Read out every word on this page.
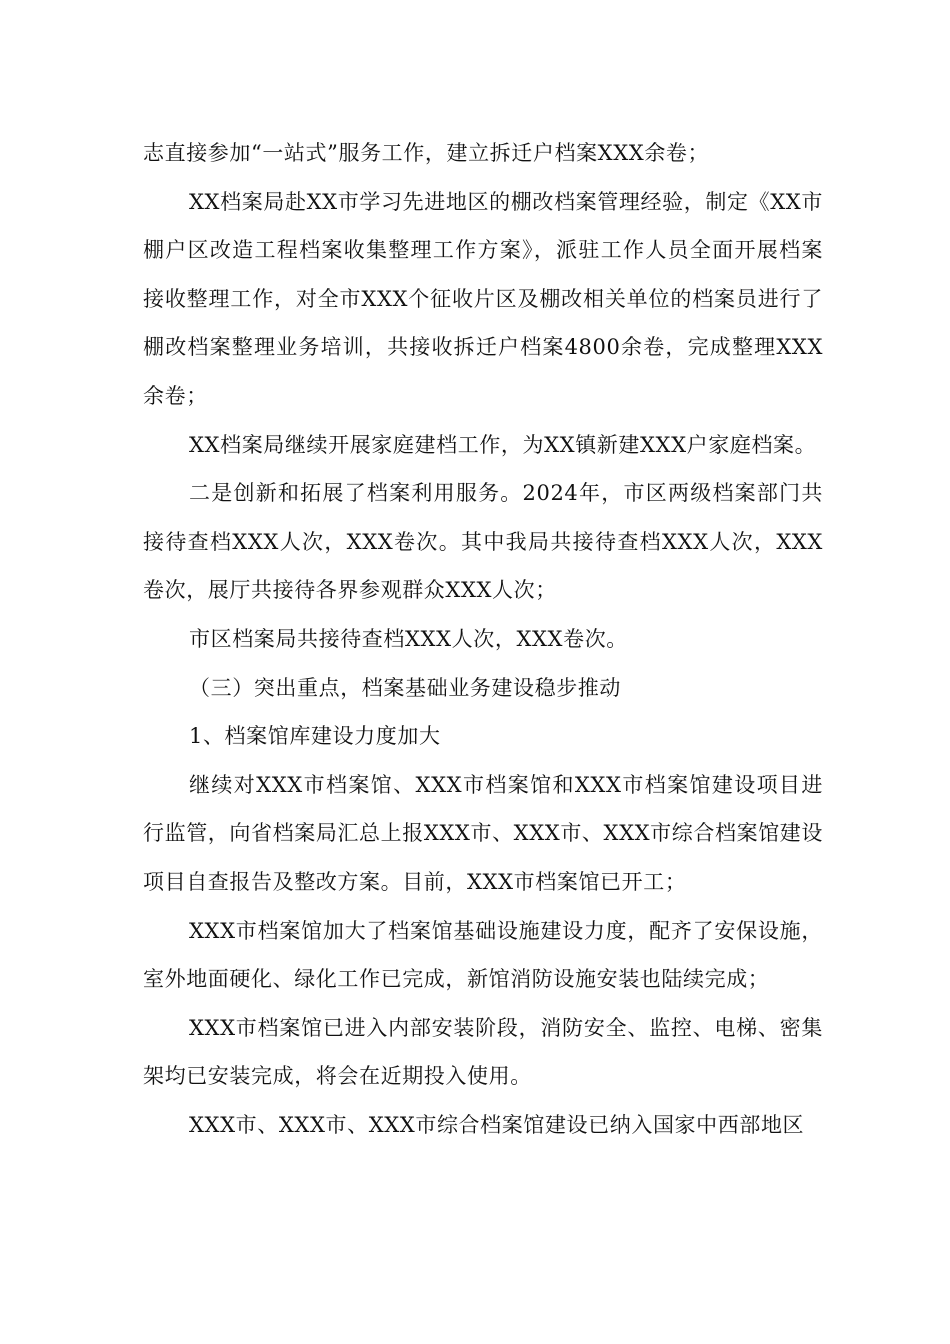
志直接参加“一站式”服务工作，建立拆迁户档案XXX余卷；

XX档案局赴XX市学习先进地区的棚改档案管理经验，制定《XX市棚户区改造工程档案收集整理工作方案》，派驻工作人员全面开展档案接收整理工作，对全市XXX个征收片区及棚改相关单位的档案员进行了棚改档案整理业务培训，共接收拆迁户档案4800余卷，完成整理XXX余卷；

XX档案局继续开展家庭建档工作，为XX镇新建XXX户家庭档案。

二是创新和拓展了档案利用服务。2024年，市区两级档案部门共接待查档XXX人次，XXX卷次。其中我局共接待查档XXX人次，XXX卷次，展厅共接待各界参观群众XXX人次；

市区档案局共接待查档XXX人次，XXX卷次。

（三）突出重点，档案基础业务建设稳步推动

1、档案馆库建设力度加大

继续对XXX市档案馆、XXX市档案馆和XXX市档案馆建设项目进行监管，向省档案局汇总上报XXX市、XXX市、XXX市综合档案馆建设项目自查报告及整改方案。目前，XXX市档案馆已开工；

XXX市档案馆加大了档案馆基础设施建设力度，配齐了安保设施，室外地面硬化、绿化工作已完成，新馆消防设施安装也陆续完成；

XXX市档案馆已进入内部安装阶段，消防安全、监控、电梯、密集架均已安装完成，将会在近期投入使用。

XXX市、XXX市、XXX市综合档案馆建设已纳入国家中西部地区
